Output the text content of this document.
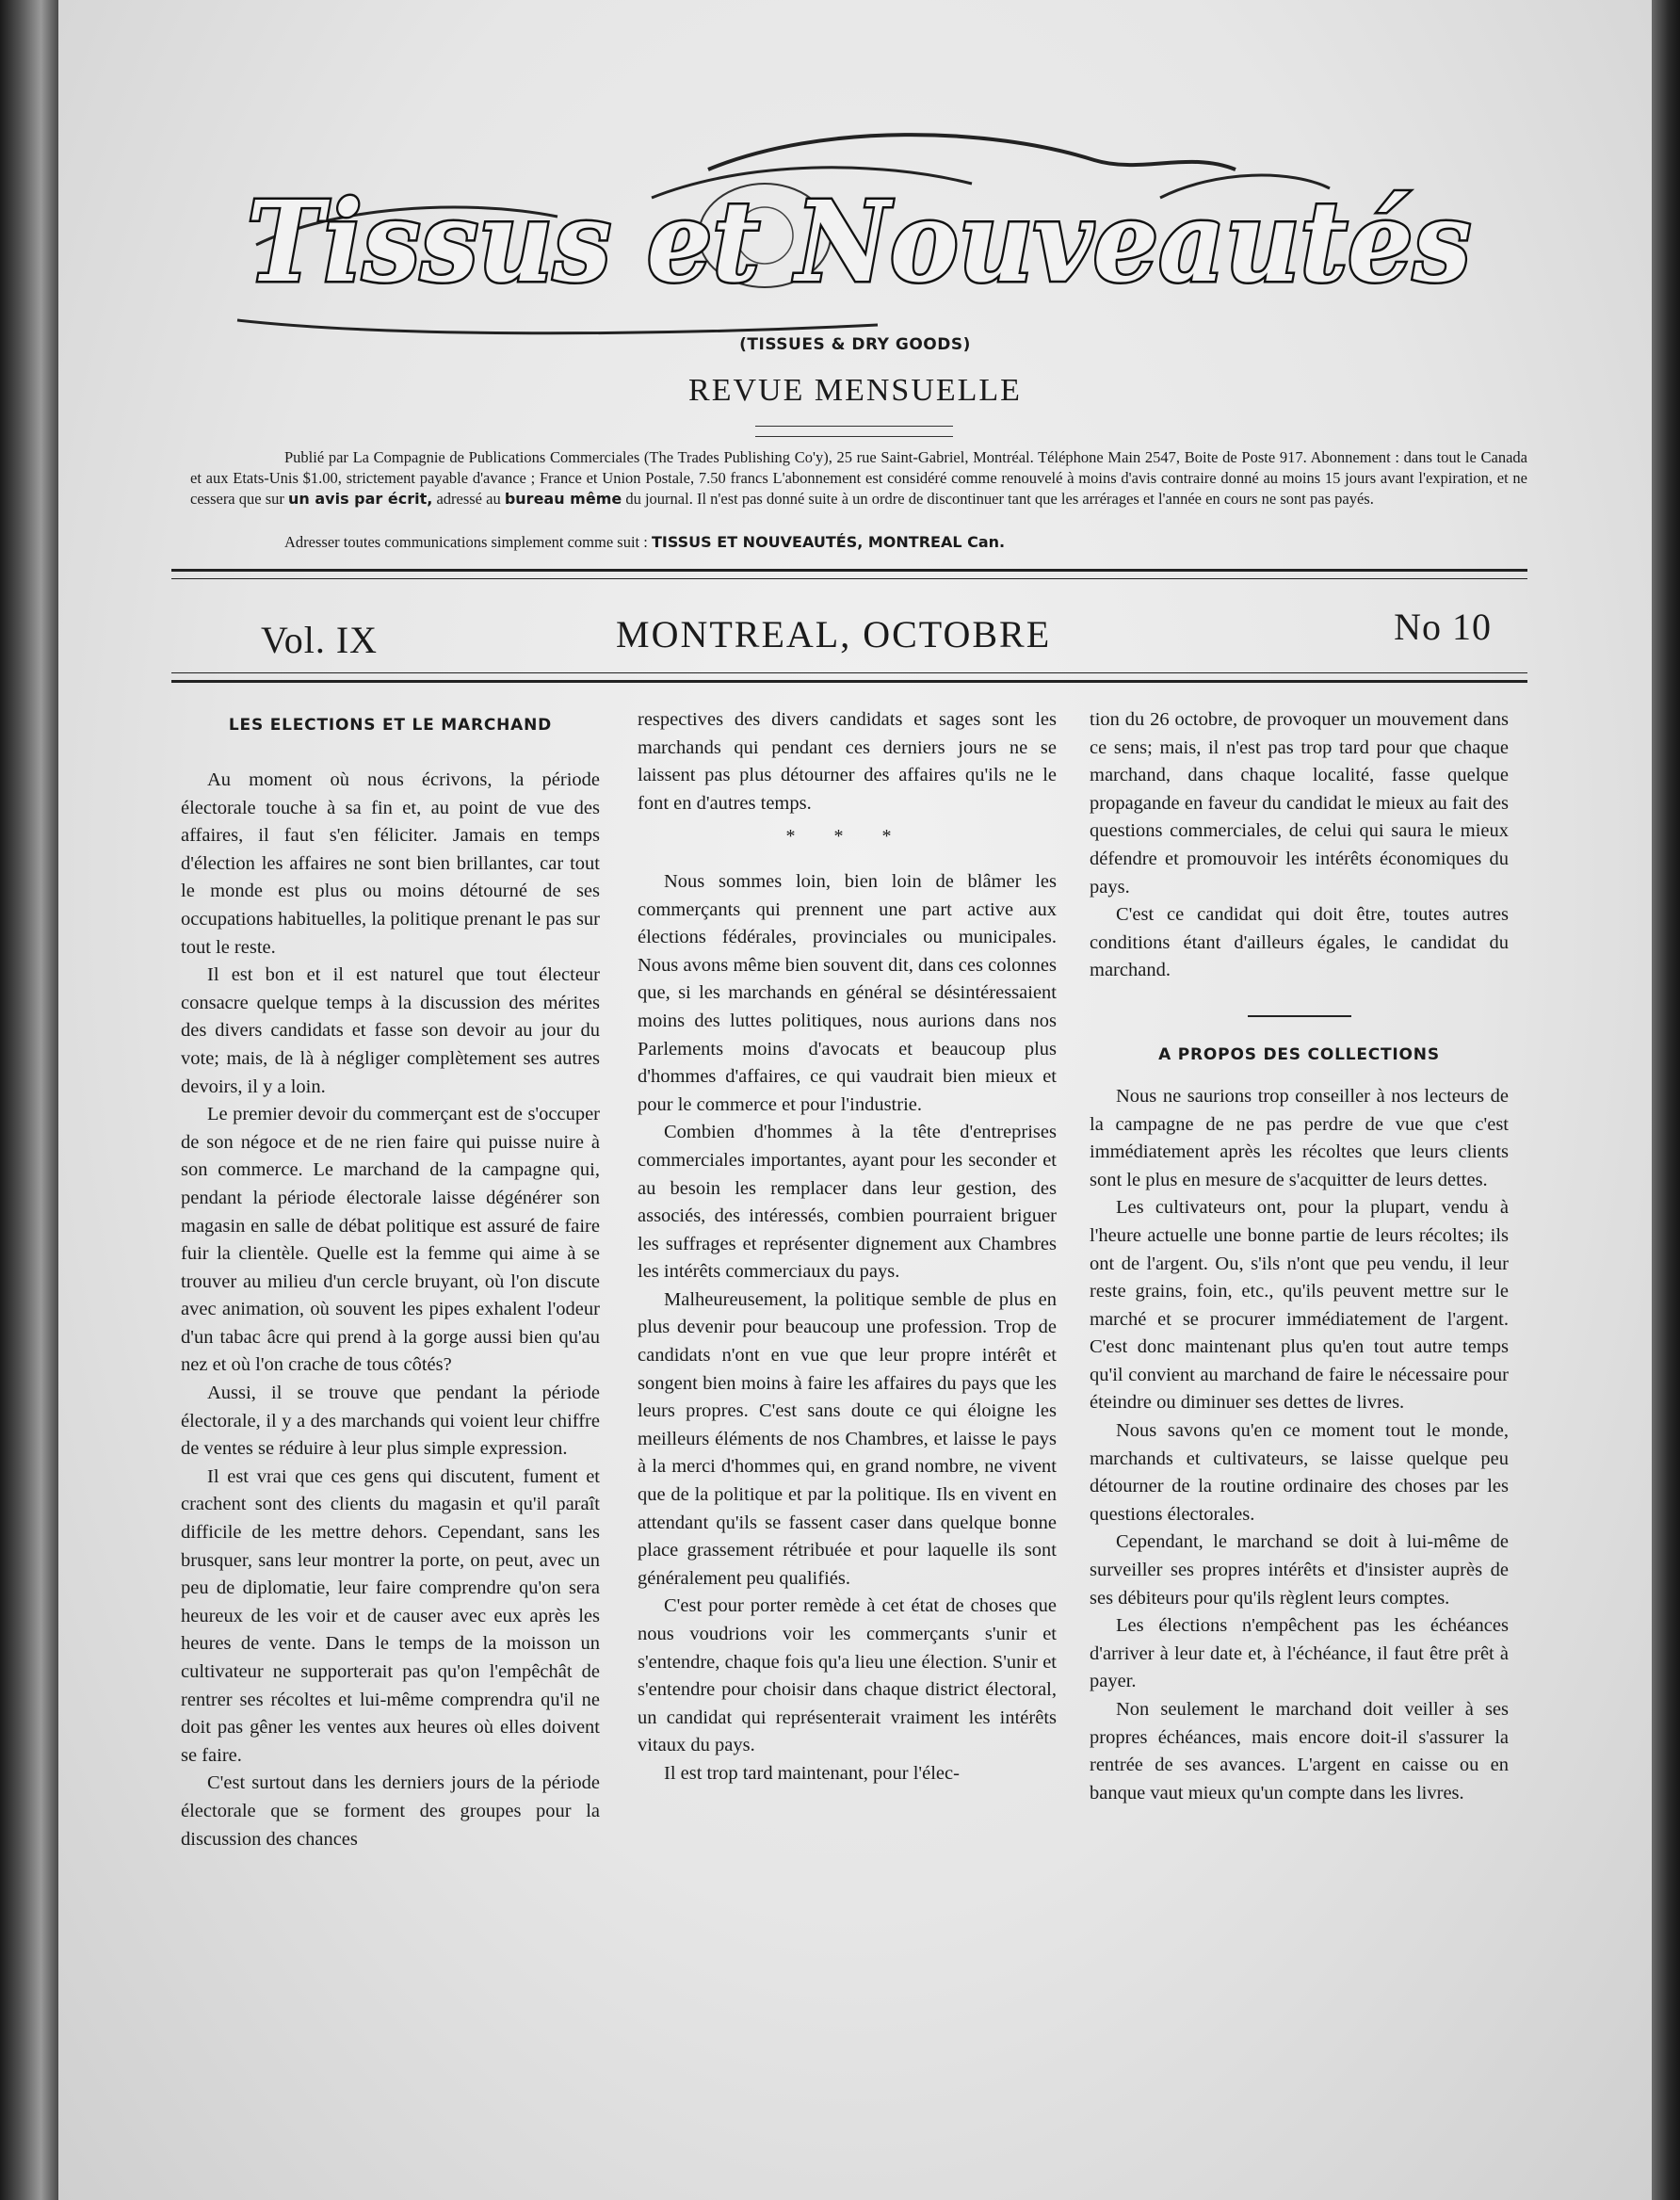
Tissus et Nouveautés
(TISSUES & DRY GOODS)
REVUE MENSUELLE
Publié par La Compagnie de Publications Commerciales (The Trades Publishing Co'y), 25 rue Saint-Gabriel, Montréal. Téléphone Main 2547, Boite de Poste 917. Abonnement : dans tout le Canada et aux Etats-Unis $1.00, strictement payable d'avance ; France et Union Postale, 7.50 francs L'abonnement est considéré comme renouvelé à moins d'avis contraire donné au moins 15 jours avant l'expiration, et ne cessera que sur un avis par écrit, adressé au bureau même du journal. Il n'est pas donné suite à un ordre de discontinuer tant que les arrérages et l'année en cours ne sont pas payés.
Adresser toutes communications simplement comme suit : TISSUS ET NOUVEAUTÉS, MONTREAL Can.
Vol. IX	MONTREAL, OCTOBRE	No 10
LES ELECTIONS ET LE MARCHAND

Au moment où nous écrivons, la période électorale touche à sa fin et, au point de vue des affaires, il faut s'en féliciter. Jamais en temps d'élection les affaires ne sont bien brillantes, car tout le monde est plus ou moins détourné de ses occupations habituelles, la politique prenant le pas sur tout le reste.

Il est bon et il est naturel que tout électeur consacre quelque temps à la discussion des mérites des divers candidats et fasse son devoir au jour du vote; mais, de là à négliger complètement ses autres devoirs, il y a loin.

Le premier devoir du commerçant est de s'occuper de son négoce et de ne rien faire qui puisse nuire à son commerce. Le marchand de la campagne qui, pendant la période électorale laisse dégénérer son magasin en salle de débat politique est assuré de faire fuir la clientèle. Quelle est la femme qui aime à se trouver au milieu d'un cercle bruyant, où l'on discute avec animation, où souvent les pipes exhalent l'odeur d'un tabac âcre qui prend à la gorge aussi bien qu'au nez et où l'on crache de tous côtés?

Aussi, il se trouve que pendant la période électorale, il y a des marchands qui voient leur chiffre de ventes se réduire à leur plus simple expression.

Il est vrai que ces gens qui discutent, fument et crachent sont des clients du magasin et qu'il paraît difficile de les mettre dehors. Cependant, sans les brusquer, sans leur montrer la porte, on peut, avec un peu de diplomatie, leur faire comprendre qu'on sera heureux de les voir et de causer avec eux après les heures de vente. Dans le temps de la moisson un cultivateur ne supporterait pas qu'on l'empêchât de rentrer ses récoltes et lui-même comprendra qu'il ne doit pas gêner les ventes aux heures où elles doivent se faire.

C'est surtout dans les derniers jours de la période électorale que se forment des groupes pour la discussion des chances

respectives des divers candidats et sages sont les marchands qui pendant ces derniers jours ne se laissent pas plus détourner des affaires qu'ils ne le font en d'autres temps.

* * *

Nous sommes loin, bien loin de blâmer les commerçants qui prennent une part active aux élections fédérales, provinciales ou municipales. Nous avons même bien souvent dit, dans ces colonnes que, si les marchands en général se désintéressaient moins des luttes politiques, nous aurions dans nos Parlements moins d'avocats et beaucoup plus d'hommes d'affaires, ce qui vaudrait bien mieux et pour le commerce et pour l'industrie.

Combien d'hommes à la tête d'entreprises commerciales importantes, ayant pour les seconder et au besoin les remplacer dans leur gestion, des associés, des intéressés, combien pourraient briguer les suffrages et représenter dignement aux Chambres les intérêts commerciaux du pays.

Malheureusement, la politique semble de plus en plus devenir pour beaucoup une profession. Trop de candidats n'ont en vue que leur propre intérêt et songent bien moins à faire les affaires du pays que les leurs propres. C'est sans doute ce qui éloigne les meilleurs éléments de nos Chambres, et laisse le pays à la merci d'hommes qui, en grand nombre, ne vivent que de la politique et par la politique. Ils en vivent en attendant qu'ils se fassent caser dans quelque bonne place grassement rétribuée et pour laquelle ils sont généralement peu qualifiés.

C'est pour porter remède à cet état de choses que nous voudrions voir les commerçants s'unir et s'entendre, chaque fois qu'a lieu une élection. S'unir et s'entendre pour choisir dans chaque district électoral, un candidat qui représenterait vraiment les intérêts vitaux du pays.

Il est trop tard maintenant, pour l'élec-

tion du 26 octobre, de provoquer un mouvement dans ce sens; mais, il n'est pas trop tard pour que chaque marchand, dans chaque localité, fasse quelque propagande en faveur du candidat le mieux au fait des questions commerciales, de celui qui saura le mieux défendre et promouvoir les intérêts économiques du pays.

C'est ce candidat qui doit être, toutes autres conditions étant d'ailleurs égales, le candidat du marchand.

A PROPOS DES COLLECTIONS

Nous ne saurions trop conseiller à nos lecteurs de la campagne de ne pas perdre de vue que c'est immédiatement après les récoltes que leurs clients sont le plus en mesure de s'acquitter de leurs dettes.

Les cultivateurs ont, pour la plupart, vendu à l'heure actuelle une bonne partie de leurs récoltes; ils ont de l'argent. Ou, s'ils n'ont que peu vendu, il leur reste grains, foin, etc., qu'ils peuvent mettre sur le marché et se procurer immédiatement de l'argent. C'est donc maintenant plus qu'en tout autre temps qu'il convient au marchand de faire le nécessaire pour éteindre ou diminuer ses dettes de livres.

Nous savons qu'en ce moment tout le monde, marchands et cultivateurs, se laisse quelque peu détourner de la routine ordinaire des choses par les questions électorales.

Cependant, le marchand se doit à lui-même de surveiller ses propres intérêts et d'insister auprès de ses débiteurs pour qu'ils règlent leurs comptes.

Les élections n'empêchent pas les échéances d'arriver à leur date et, à l'échéance, il faut être prêt à payer.

Non seulement le marchand doit veiller à ses propres échéances, mais encore doit-il s'assurer la rentrée de ses avances. L'argent en caisse ou en banque vaut mieux qu'un compte dans les livres.
